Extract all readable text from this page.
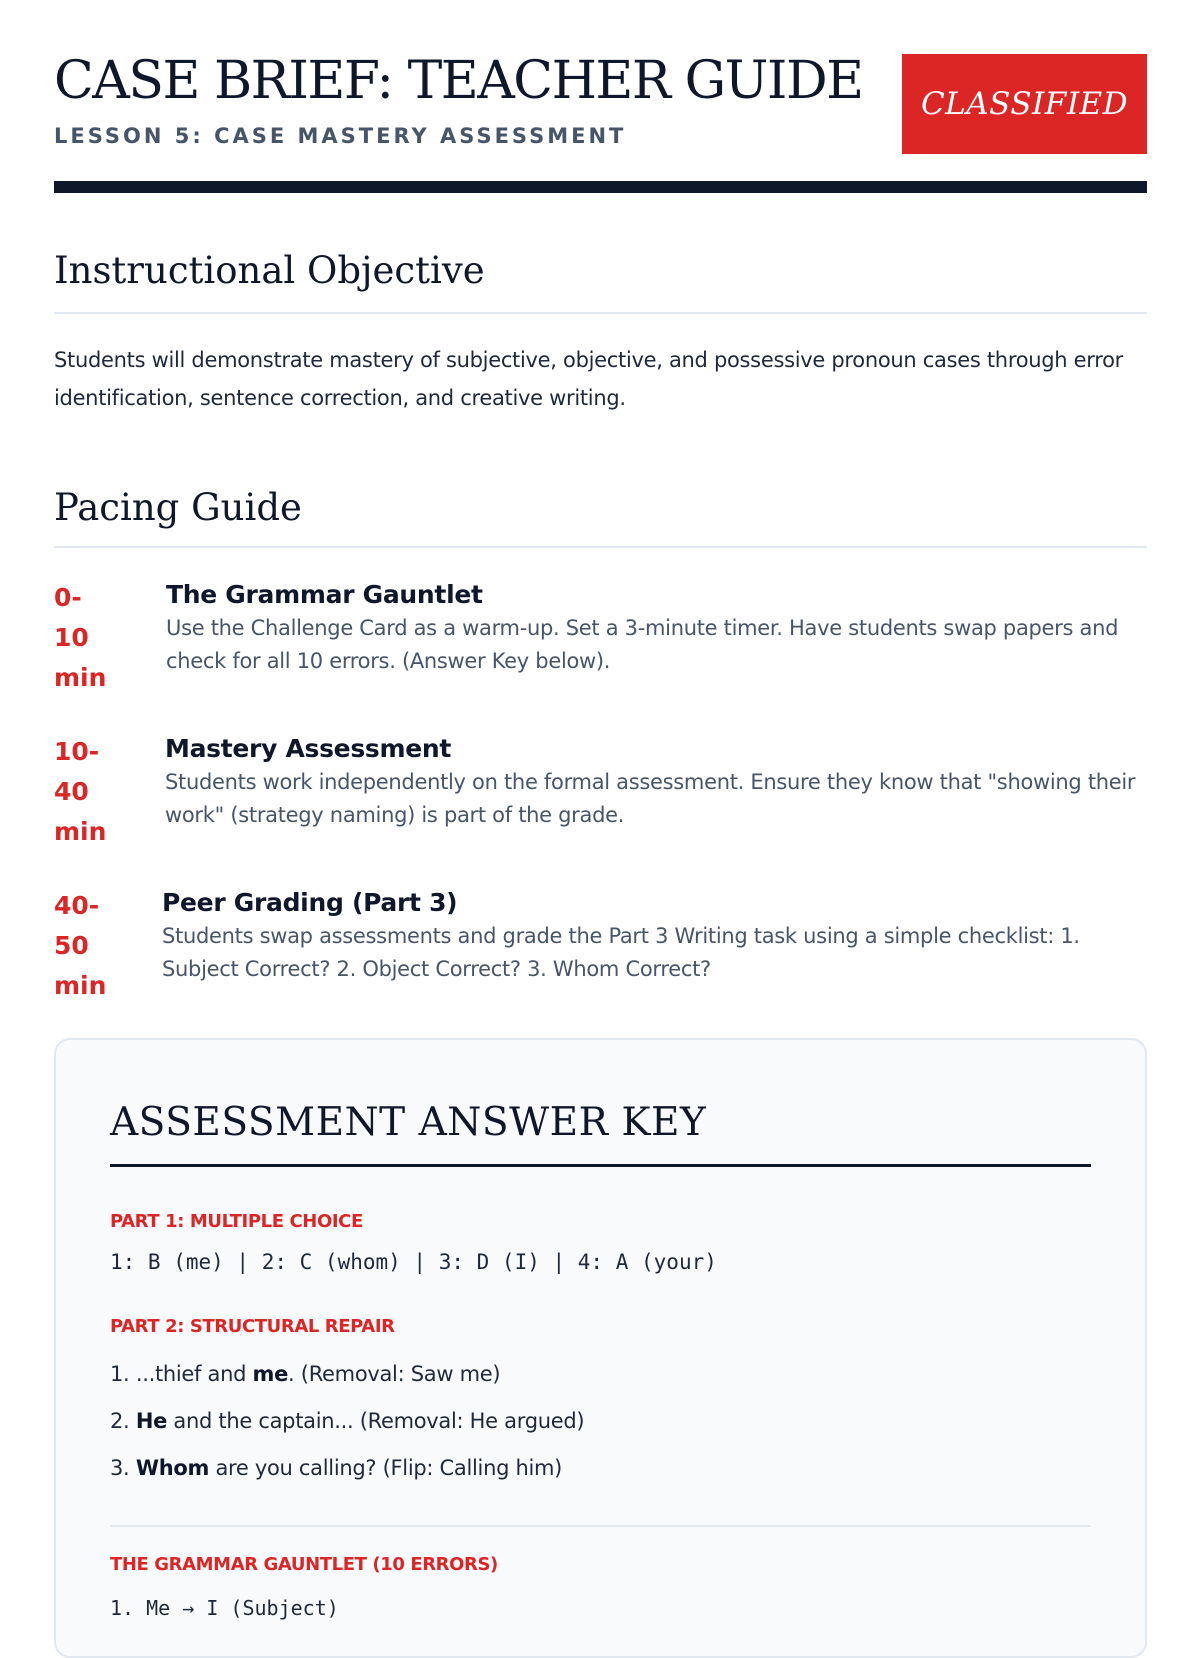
CASE BRIEF: TEACHER GUIDE
LESSON 5: CASE MASTERY ASSESSMENT
CLASSIFIED
Instructional Objective

Students will demonstrate mastery of subjective, objective, and possessive pronoun cases through error identification, sentence correction, and creative writing.

Pacing Guide
0-10 min
The Grammar Gauntlet
Use the Challenge Card as a warm-up. Set a 3-minute timer. Have students swap papers and check for all 10 errors. (Answer Key below).
10-40 min
Mastery Assessment
Students work independently on the formal assessment. Ensure they know that "showing their work" (strategy naming) is part of the grade.
40-50 min
Peer Grading (Part 3)
Students swap assessments and grade the Part 3 Writing task using a simple checklist: 1. Subject Correct? 2. Object Correct? 3. Whom Correct?
ASSESSMENT ANSWER KEY
PART 1: MULTIPLE CHOICE
1: B (me) | 2: C (whom) | 3: D (I) | 4: A (your)
PART 2: STRUCTURAL REPAIR
1. ...thief and me. (Removal: Saw me)
2. He and the captain... (Removal: He argued)
3. Whom are you calling? (Flip: Calling him)
THE GRAMMAR GAUNTLET (10 ERRORS)
1. Me → I (Subject)
